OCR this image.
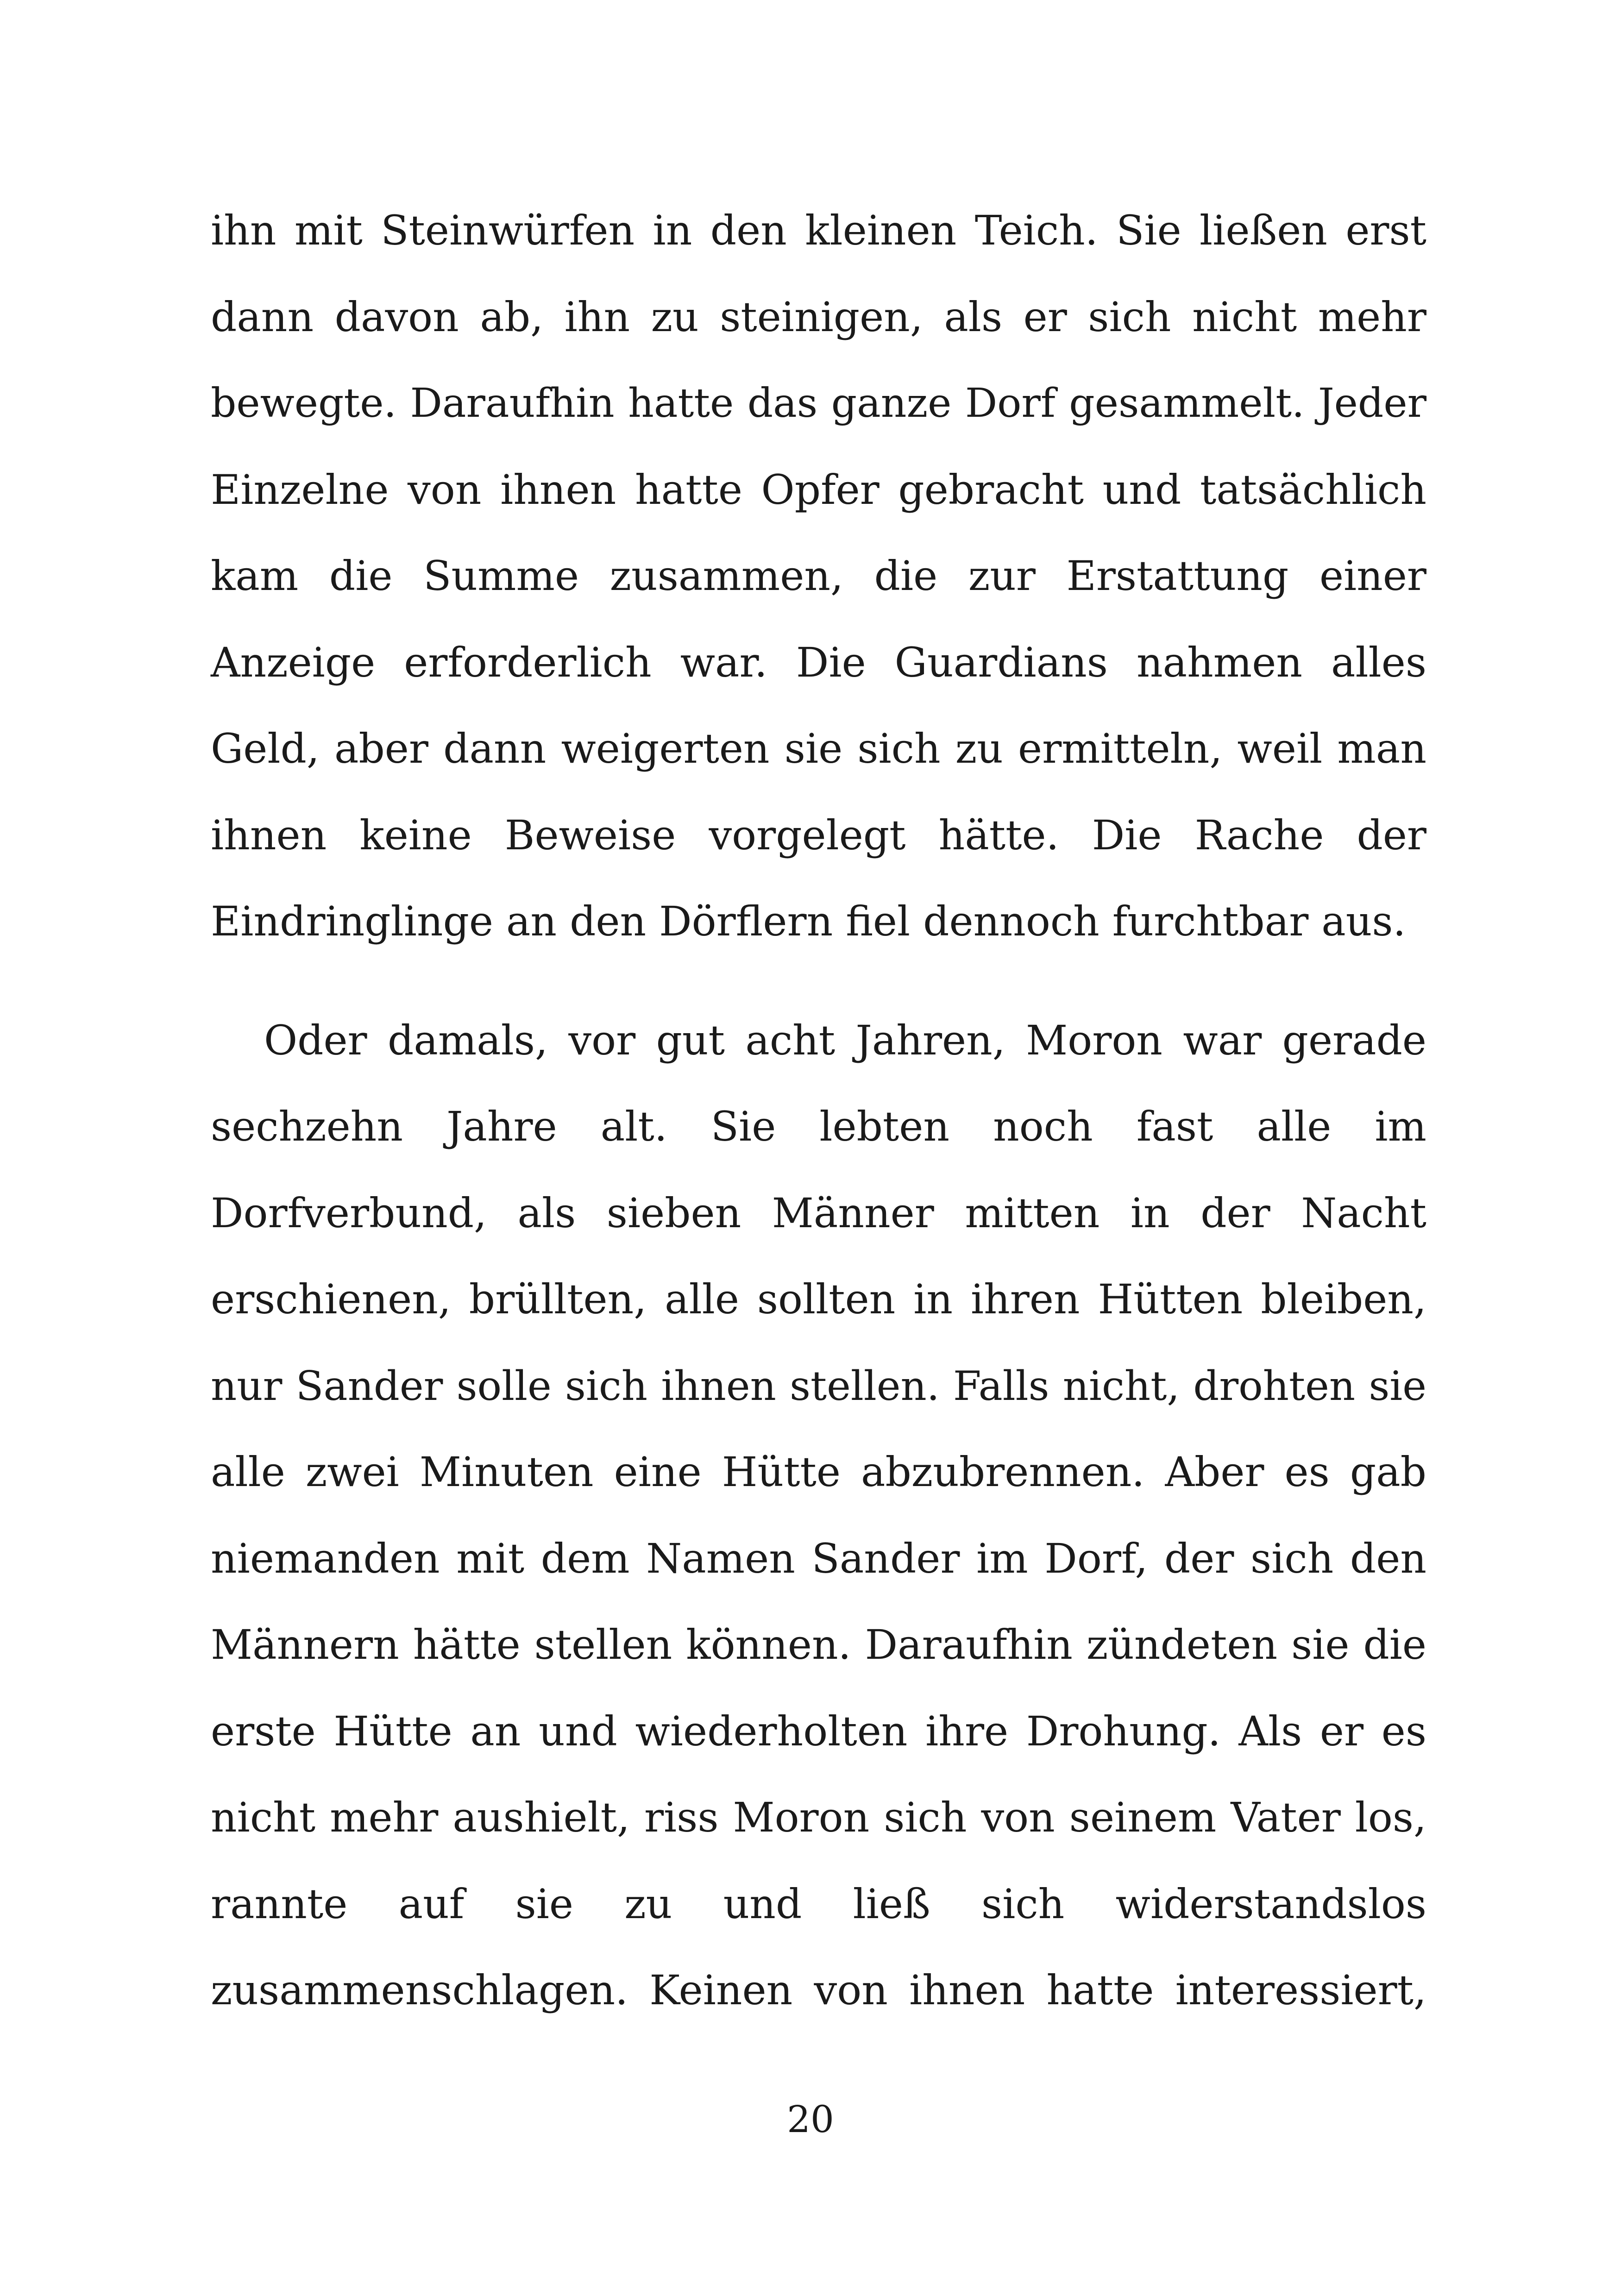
ihn mit Steinwürfen in den kleinen Teich. Sie ließen erst
dann davon ab, ihn zu steinigen, als er sich nicht mehr
bewegte. Daraufhin hatte das ganze Dorf gesammelt. Jeder
Einzelne von ihnen hatte Opfer gebracht und tatsächlich
kam die Summe zusammen, die zur Erstattung einer
Anzeige erforderlich war. Die Guardians nahmen alles
Geld, aber dann weigerten sie sich zu ermitteln, weil man
ihnen keine Beweise vorgelegt hätte. Die Rache der
Eindringlinge an den Dörflern fiel dennoch furchtbar aus.
Oder damals, vor gut acht Jahren, Moron war gerade
sechzehn Jahre alt. Sie lebten noch fast alle im
Dorfverbund, als sieben Männer mitten in der Nacht
erschienen, brüllten, alle sollten in ihren Hütten bleiben,
nur Sander solle sich ihnen stellen. Falls nicht, drohten sie
alle zwei Minuten eine Hütte abzubrennen. Aber es gab
niemanden mit dem Namen Sander im Dorf, der sich den
Männern hätte stellen können. Daraufhin zündeten sie die
erste Hütte an und wiederholten ihre Drohung. Als er es
nicht mehr aushielt, riss Moron sich von seinem Vater los,
rannte auf sie zu und ließ sich widerstandslos
zusammenschlagen. Keinen von ihnen hatte interessiert,
20
